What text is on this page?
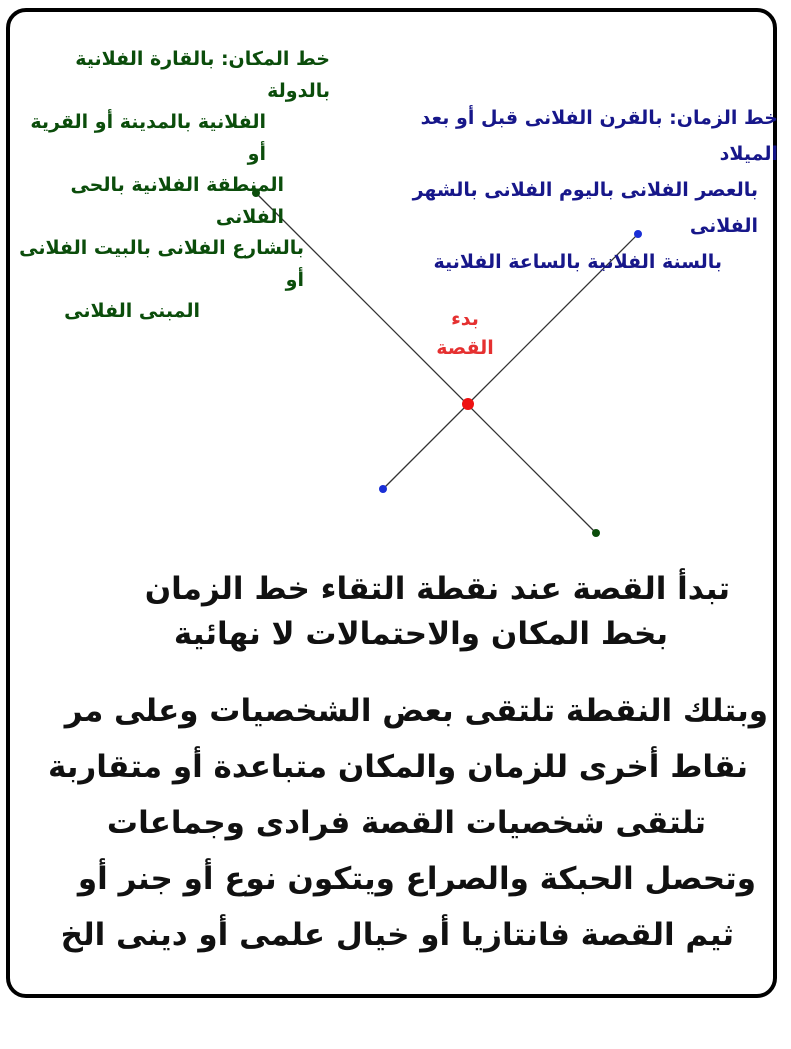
خط المكان: بالقارة الفلانية بالدولة
الفلانية بالمدينة أو القرية أو
المنطقة الفلانية بالحى الفلانى
بالشارع الفلانى بالبيت الفلانى أو
المبنى الفلانى
خط الزمان: بالقرن الفلانى قبل أو بعد الميلاد
بالعصر الفلانى باليوم الفلانى بالشهر الفلانى
بالسنة الفلانية بالساعة الفلانية
بدء
القصة
تبدأ القصة عند نقطة التقاء خط الزمان
بخط المكان والاحتمالات لا نهائية
وبتلك النقطة تلتقى بعض الشخصيات وعلى مر
نقاط أخرى للزمان والمكان متباعدة أو متقاربة
تلتقى شخصيات القصة فرادى وجماعات
وتحصل الحبكة والصراع ويتكون نوع أو جنر أو
ثيم القصة فانتازيا أو خيال علمى أو دينى الخ
